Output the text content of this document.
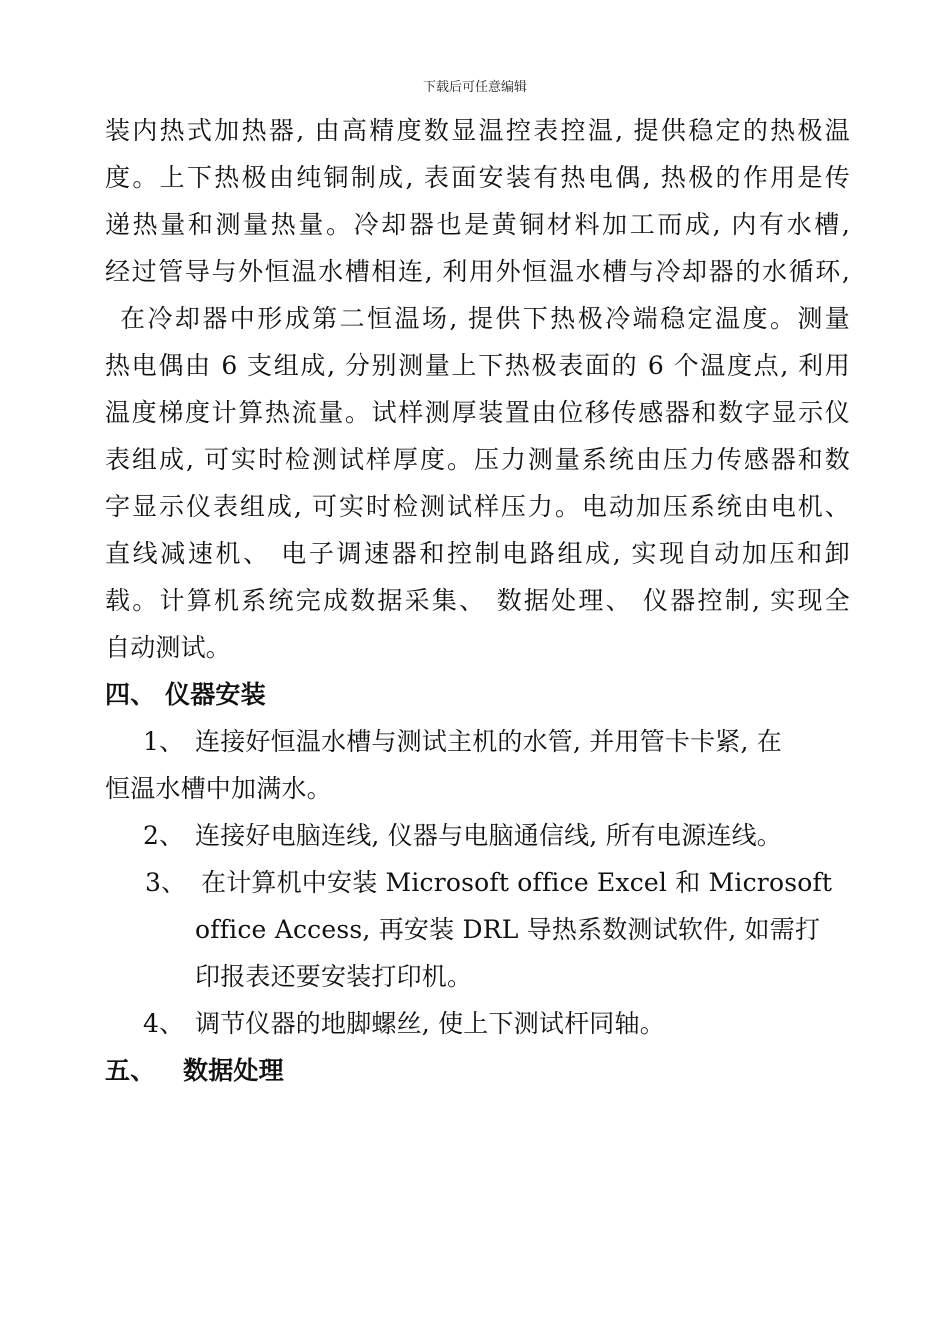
下载后可任意编辑
装内热式加热器, 由高精度数显温控表控温, 提供稳定的热极温
度。上下热极由纯铜制成, 表面安装有热电偶, 热极的作用是传
递热量和测量热量。冷却器也是黄铜材料加工而成, 内有水槽,
经过管导与外恒温水槽相连, 利用外恒温水槽与冷却器的水循环,
在冷却器中形成第二恒温场, 提供下热极冷端稳定温度。测量
热电偶由 6 支组成, 分别测量上下热极表面的 6 个温度点, 利用
温度梯度计算热流量。试样测厚装置由位移传感器和数字显示仪
表组成, 可实时检测试样厚度。压力测量系统由压力传感器和数
字显示仪表组成, 可实时检测试样压力。电动加压系统由电机、
直线减速机、 电子调速器和控制电路组成, 实现自动加压和卸
载。计算机系统完成数据采集、 数据处理、 仪器控制, 实现全
自动测试。
四、 仪器安装
1、 连接好恒温水槽与测试主机的水管, 并用管卡卡紧, 在
恒温水槽中加满水。
2、 连接好电脑连线, 仪器与电脑通信线, 所有电源连线。
3、 在计算机中安装 Microsoft office Excel 和 Microsoft
office Access, 再安装 DRL 导热系数测试软件, 如需打
印报表还要安装打印机。
4、 调节仪器的地脚螺丝, 使上下测试杆同轴。
五、 数据处理
